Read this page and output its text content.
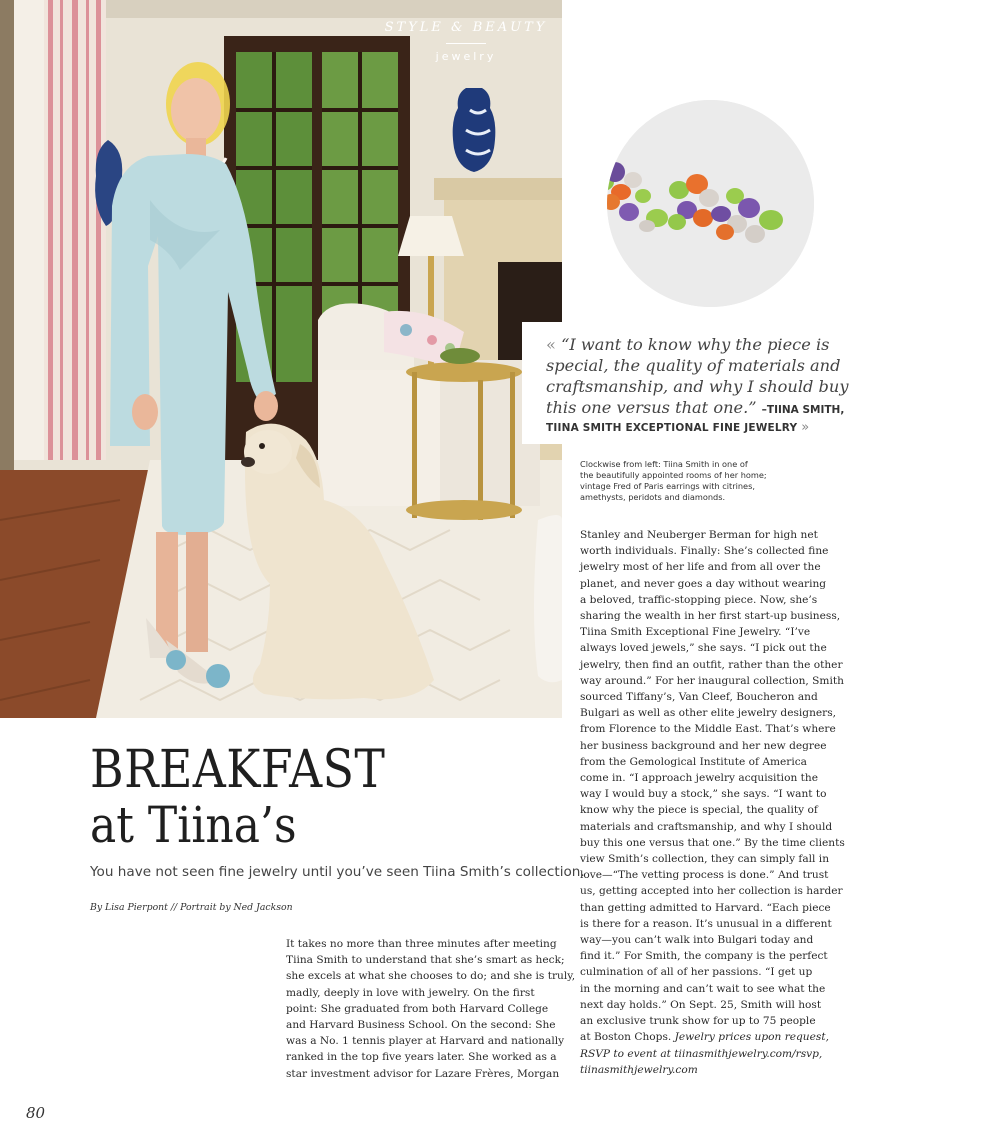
STYLE & BEAUTY
jewelry
« “I want to know why the piece is
special, the quality of materials and
craftsmanship, and why I should buy
this one versus that one.” –TIINA SMITH,
TIINA SMITH EXCEPTIONAL FINE JEWELRY »
Clockwise from left: Tiina Smith in one of
the beautifully appointed rooms of her home;
vintage Fred of Paris earrings with citrines,
amethysts, peridots and diamonds.
BREAKFAST
at Tiina’s
You have not seen fine jewelry until you’ve seen Tiina Smith’s collection.
By Lisa Pierpont // Portrait by Ned Jackson
It takes no more than three minutes after meeting
Tiina Smith to understand that she’s smart as heck;
she excels at what she chooses to do; and she is truly,
madly, deeply in love with jewelry. On the first
point: She graduated from both Harvard College
and Harvard Business School. On the second: She
was a No. 1 tennis player at Harvard and nationally
ranked in the top five years later. She worked as a
star investment advisor for Lazare Frères, Morgan
Stanley and Neuberger Berman for high net
worth individuals. Finally: She’s collected fine
jewelry most of her life and from all over the
planet, and never goes a day without wearing
a beloved, traffic-stopping piece. Now, she’s
sharing the wealth in her first start-up business,
Tiina Smith Exceptional Fine Jewelry. “I’ve
always loved jewels,” she says. “I pick out the
jewelry, then find an outfit, rather than the other
way around.” For her inaugural collection, Smith
sourced Tiffany’s, Van Cleef, Boucheron and
Bulgari as well as other elite jewelry designers,
from Florence to the Middle East. That’s where
her business background and her new degree
from the Gemological Institute of America
come in. “I approach jewelry acquisition the
way I would buy a stock,” she says. “I want to
know why the piece is special, the quality of
materials and craftsmanship, and why I should
buy this one versus that one.” By the time clients
view Smith’s collection, they can simply fall in
love—“The vetting process is done.” And trust
us, getting accepted into her collection is harder
than getting admitted to Harvard. “Each piece
is there for a reason. It’s unusual in a different
way—you can’t walk into Bulgari today and
find it.” For Smith, the company is the perfect
culmination of all of her passions. “I get up
in the morning and can’t wait to see what the
next day holds.” On Sept. 25, Smith will host
an exclusive trunk show for up to 75 people
at Boston Chops. Jewelry prices upon request,
RSVP to event at tiinasmithjewelry.com/rsvp,
tiinasmithjewelry.com
80
